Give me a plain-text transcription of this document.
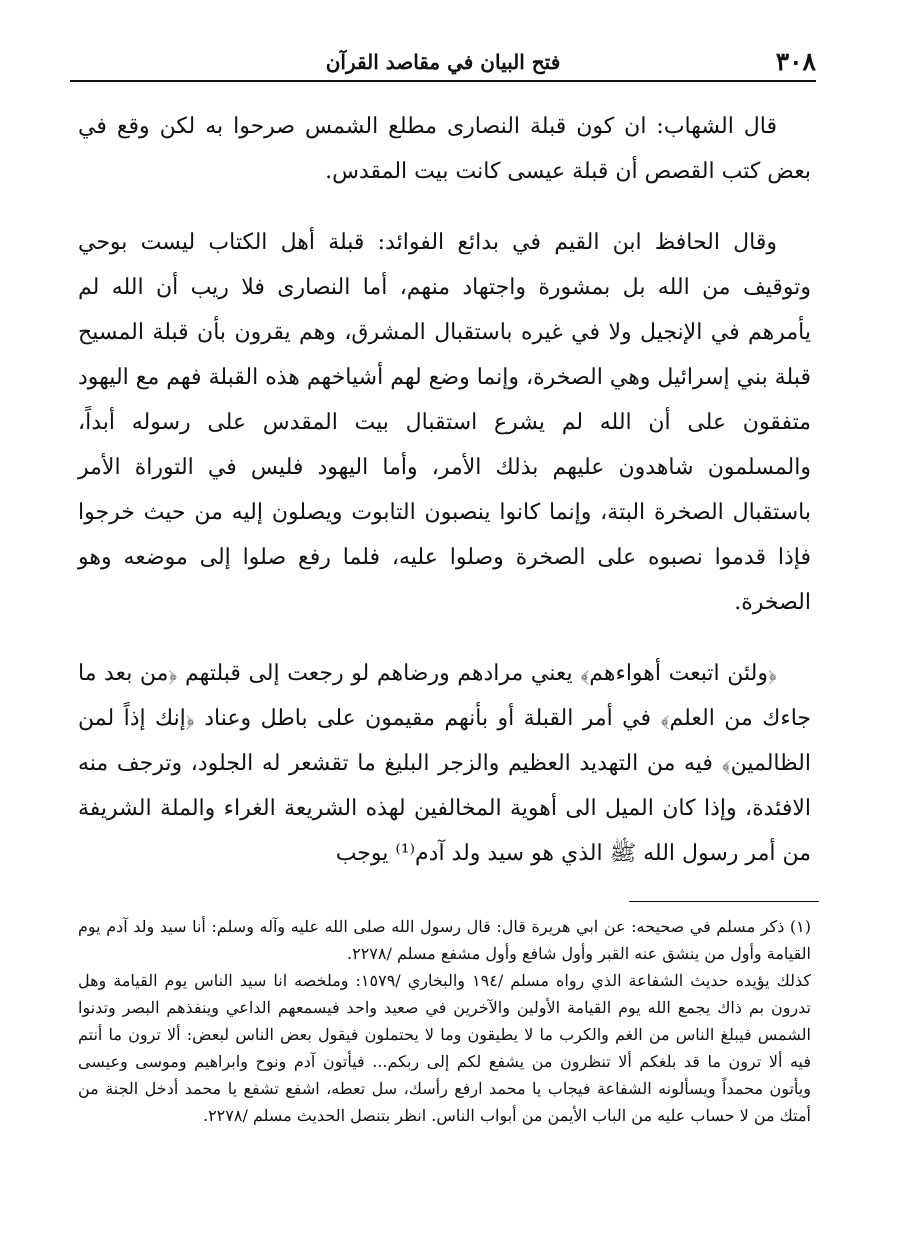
٣٠٨
فتح البيان في مقاصد القرآن

قال الشهاب: ان كون قبلة النصارى مطلع الشمس صرحوا به لكن وقع في بعض كتب القصص أن قبلة عيسى كانت بيت المقدس.

وقال الحافظ ابن القيم في بدائع الفوائد: قبلة أهل الكتاب ليست بوحي وتوقيف من الله بل بمشورة واجتهاد منهم، أما النصارى فلا ريب أن الله لم يأمرهم في الإنجيل ولا في غيره باستقبال المشرق، وهم يقرون بأن قبلة المسيح قبلة بني إسرائيل وهي الصخرة، وإنما وضع لهم أشياخهم هذه القبلة فهم مع اليهود متفقون على أن الله لم يشرع استقبال بيت المقدس على رسوله أبداً، والمسلمون شاهدون عليهم بذلك الأمر، وأما اليهود فليس في التوراة الأمر باستقبال الصخرة البتة، وإنما كانوا ينصبون التابوت ويصلون إليه من حيث خرجوا فإذا قدموا نصبوه على الصخرة وصلوا عليه، فلما رفع صلوا إلى موضعه وهو الصخرة.

﴿ولئن اتبعت أهواءهم﴾ يعني مرادهم ورضاهم لو رجعت إلى قبلتهم ﴿من بعد ما جاءك من العلم﴾ في أمر القبلة أو بأنهم مقيمون على باطل وعناد ﴿إنك إذاً لمن الظالمين﴾ فيه من التهديد العظيم والزجر البليغ ما تقشعر له الجلود، وترجف منه الافئدة، وإذا كان الميل الى أهوية المخالفين لهذه الشريعة الغراء والملة الشريفة من أمر رسول الله ﷺ الذي هو سيد ولد آدم⁽¹⁾ يوجب

(١) ذكر مسلم في صحيحه: عن ابي هريرة قال: قال رسول الله صلى الله عليه وآله وسلم: أنا سيد ولد آدم يوم القيامة وأول من ينشق عنه القبر وأول شافع وأول مشفع مسلم /٢٢٧٨.

كذلك يؤيده حديث الشفاعة الذي رواه مسلم /١٩٤ والبخاري /١٥٧٩: وملخصه انا سيد الناس يوم القيامة وهل تدرون بم ذاك يجمع الله يوم القيامة الأولين والآخرين في صعيد واحد فيسمعهم الداعي وينفذهم البصر وتدنوا الشمس فيبلغ الناس من الغم والكرب ما لا يطيقون وما لا يحتملون فيقول بعض الناس لبعض: ألا ترون ما أنتم فيه ألا ترون ما قد بلغكم ألا تنظرون من يشفع لكم إلى ربكم... فيأتون آدم ونوح وابراهيم وموسى وعيسى ويأتون محمداً ويسألونه الشفاعة فيجاب يا محمد ارفع رأسك، سل تعطه، اشفع تشفع يا محمد أدخل الجنة من أمتك من لا حساب عليه من الباب الأيمن من أبواب الناس. انظر بتنصل الحديث مسلم /٢٢٧٨.
